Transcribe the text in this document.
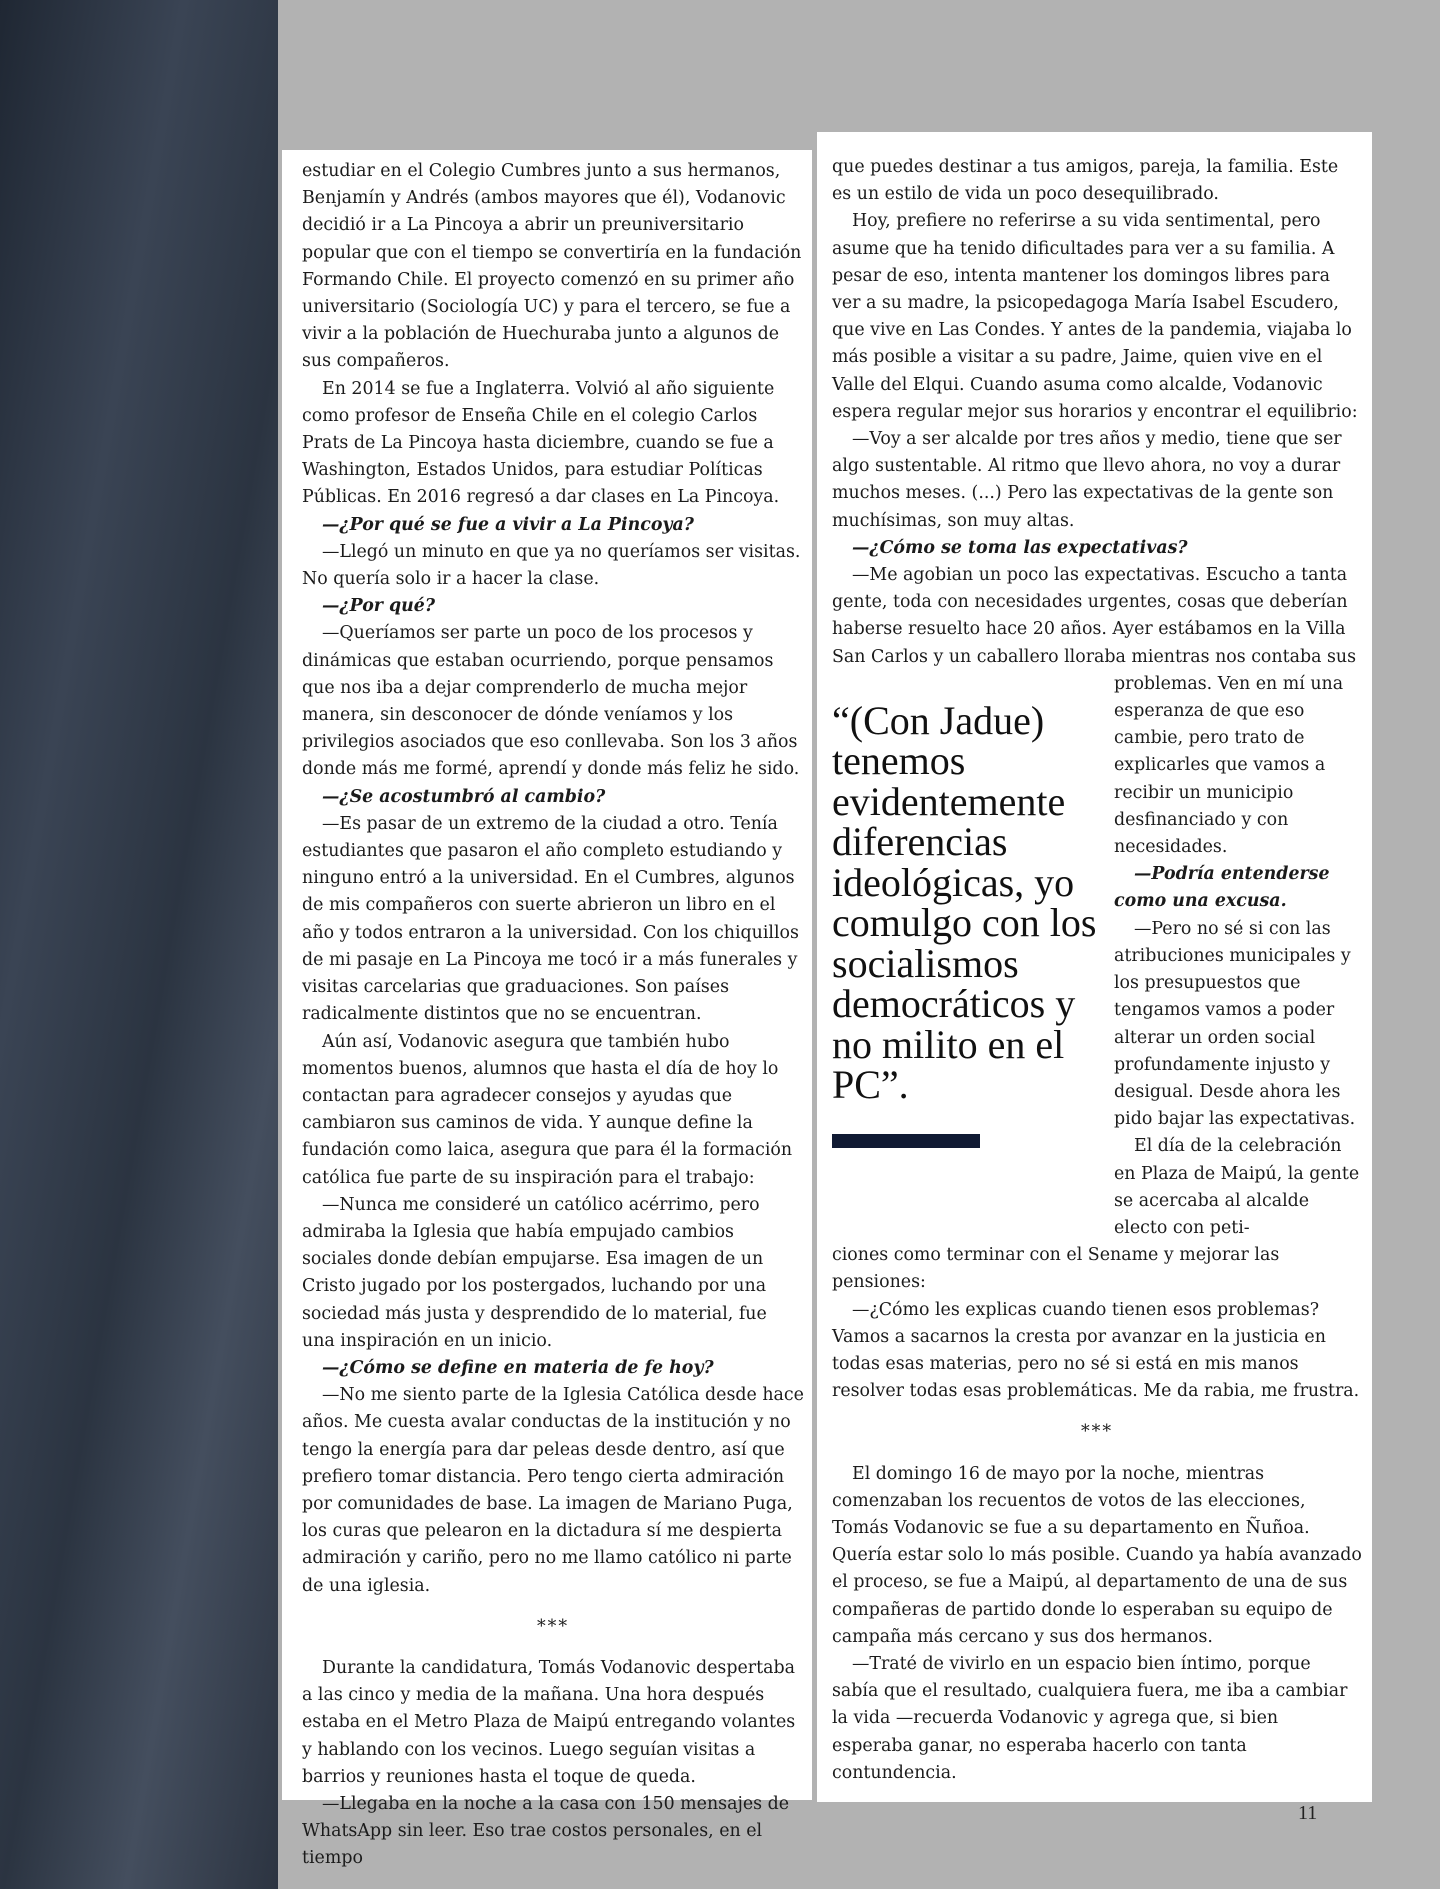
estudiar en el Colegio Cumbres junto a sus hermanos, Benjamín y Andrés (ambos mayores que él), Vodanovic decidió ir a La Pincoya a abrir un preuniversitario popular que con el tiempo se convertiría en la fundación Formando Chile. El proyecto comenzó en su primer año universitario (Sociología UC) y para el tercero, se fue a vivir a la población de Huechuraba junto a algunos de sus compañeros.

En 2014 se fue a Inglaterra. Volvió al año siguiente como profesor de Enseña Chile en el colegio Carlos Prats de La Pincoya hasta diciembre, cuando se fue a Washington, Estados Unidos, para estudiar Políticas Públicas. En 2016 regresó a dar clases en La Pincoya.

—¿Por qué se fue a vivir a La Pincoya?

—Llegó un minuto en que ya no queríamos ser visitas. No quería solo ir a hacer la clase.

—¿Por qué?

—Queríamos ser parte un poco de los procesos y dinámicas que estaban ocurriendo, porque pensamos que nos iba a dejar comprenderlo de mucha mejor manera, sin desconocer de dónde veníamos y los privilegios asociados que eso conllevaba. Son los 3 años donde más me formé, aprendí y donde más feliz he sido.

—¿Se acostumbró al cambio?

—Es pasar de un extremo de la ciudad a otro. Tenía estudiantes que pasaron el año completo estudiando y ninguno entró a la universidad. En el Cumbres, algunos de mis compañeros con suerte abrieron un libro en el año y todos entraron a la universidad. Con los chiquillos de mi pasaje en La Pincoya me tocó ir a más funerales y visitas carcelarias que graduaciones. Son países radicalmente distintos que no se encuentran.

Aún así, Vodanovic asegura que también hubo momentos buenos, alumnos que hasta el día de hoy lo contactan para agradecer consejos y ayudas que cambiaron sus caminos de vida. Y aunque define la fundación como laica, asegura que para él la formación católica fue parte de su inspiración para el trabajo:

—Nunca me consideré un católico acérrimo, pero admiraba la Iglesia que había empujado cambios sociales donde debían empujarse. Esa imagen de un Cristo jugado por los postergados, luchando por una sociedad más justa y desprendido de lo material, fue una inspiración en un inicio.

—¿Cómo se define en materia de fe hoy?

—No me siento parte de la Iglesia Católica desde hace años. Me cuesta avalar conductas de la institución y no tengo la energía para dar peleas desde dentro, así que prefiero tomar distancia. Pero tengo cierta admiración por comunidades de base. La imagen de Mariano Puga, los curas que pelearon en la dictadura sí me despierta admiración y cariño, pero no me llamo católico ni parte de una iglesia.

***

Durante la candidatura, Tomás Vodanovic despertaba a las cinco y media de la mañana. Una hora después estaba en el Metro Plaza de Maipú entregando volantes y hablando con los vecinos. Luego seguían visitas a barrios y reuniones hasta el toque de queda.

—Llegaba en la noche a la casa con 150 mensajes de WhatsApp sin leer. Eso trae costos personales, en el tiempo

que puedes destinar a tus amigos, pareja, la familia. Este es un estilo de vida un poco desequilibrado.

Hoy, prefiere no referirse a su vida sentimental, pero asume que ha tenido dificultades para ver a su familia. A pesar de eso, intenta mantener los domingos libres para ver a su madre, la psicopedagoga María Isabel Escudero, que vive en Las Condes. Y antes de la pandemia, viajaba lo más posible a visitar a su padre, Jaime, quien vive en el Valle del Elqui. Cuando asuma como alcalde, Vodanovic espera regular mejor sus horarios y encontrar el equilibrio:

—Voy a ser alcalde por tres años y medio, tiene que ser algo sustentable. Al ritmo que llevo ahora, no voy a durar muchos meses. (...) Pero las expectativas de la gente son muchísimas, son muy altas.

—¿Cómo se toma las expectativas?

—Me agobian un poco las expectativas. Escucho a tanta gente, toda con necesidades urgentes, cosas que deberían haberse resuelto hace 20 años. Ayer estábamos en la Villa San Carlos y un caballero lloraba mientras nos contaba sus

“(Con Jadue) tenemos evidentemente diferencias ideológicas, yo comulgo con los socialismos democráticos y no milito en el PC”.

problemas. Ven en mí una esperanza de que eso cambie, pero trato de explicarles que vamos a recibir un municipio desfinanciado y con necesidades.

—Podría entenderse como una excusa.

—Pero no sé si con las atribuciones municipales y los presupuestos que tengamos vamos a poder alterar un orden social profundamente injusto y desigual. Desde ahora les pido bajar las expectativas.

El día de la celebración en Plaza de Maipú, la gente se acercaba al alcalde electo con peti-

ciones como terminar con el Sename y mejorar las pensiones:

—¿Cómo les explicas cuando tienen esos problemas? Vamos a sacarnos la cresta por avanzar en la justicia en todas esas materias, pero no sé si está en mis manos resolver todas esas problemáticas. Me da rabia, me frustra.

***

El domingo 16 de mayo por la noche, mientras comenzaban los recuentos de votos de las elecciones, Tomás Vodanovic se fue a su departamento en Ñuñoa. Quería estar solo lo más posible. Cuando ya había avanzado el proceso, se fue a Maipú, al departamento de una de sus compañeras de partido donde lo esperaban su equipo de campaña más cercano y sus dos hermanos.

—Traté de vivirlo en un espacio bien íntimo, porque sabía que el resultado, cualquiera fuera, me iba a cambiar la vida —recuerda Vodanovic y agrega que, si bien esperaba ganar, no esperaba hacerlo con tanta contundencia.

11
